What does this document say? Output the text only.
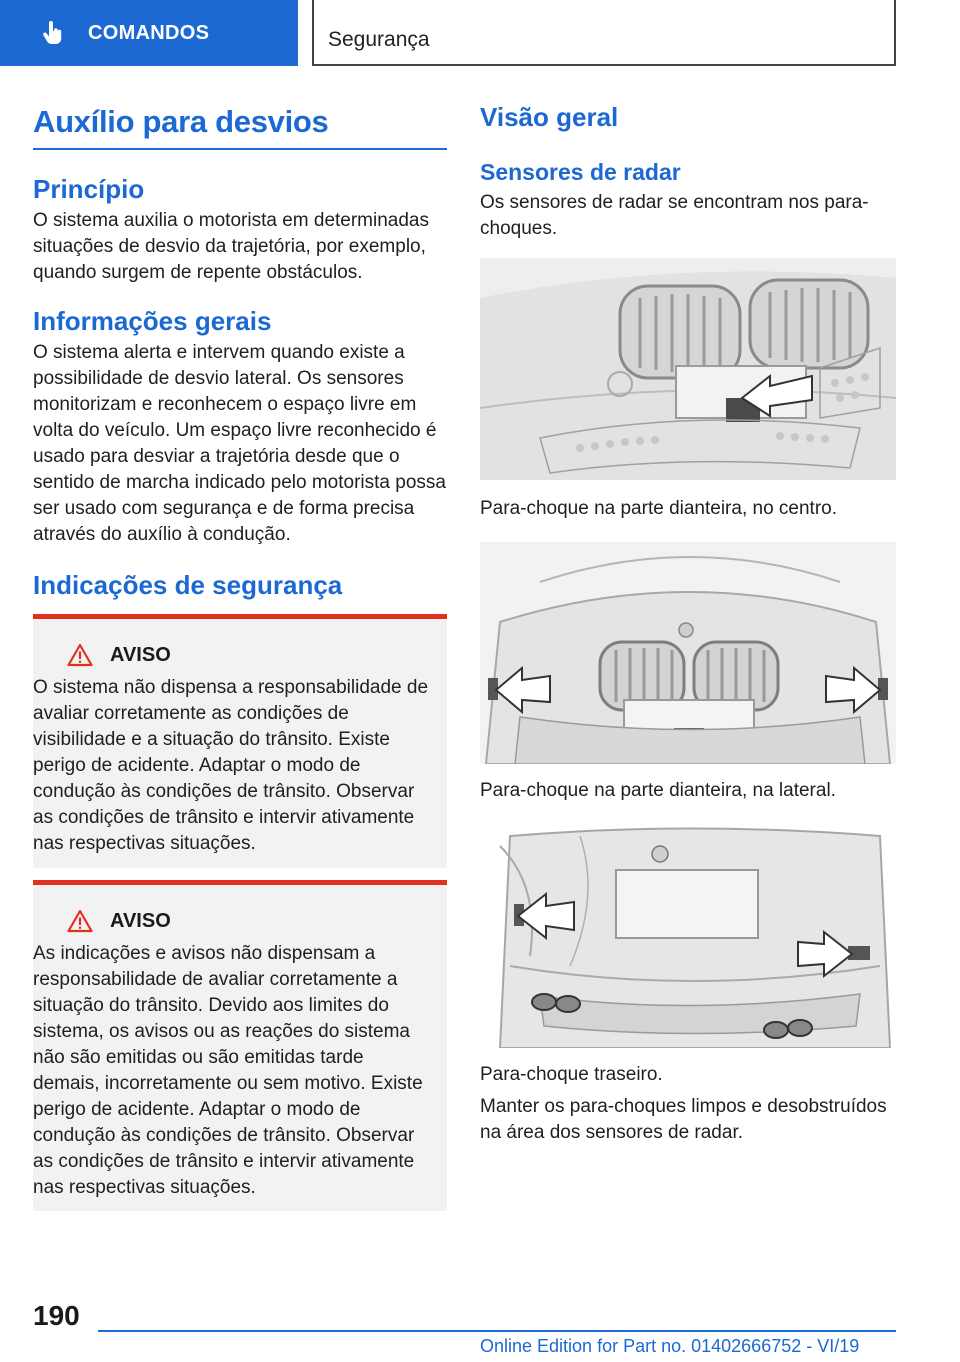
COMANDOS	Segurança
Auxílio para desvios
Princípio
O sistema auxilia o motorista em determinadas situações de desvio da trajetória, por exemplo, quando surgem de repente obstáculos.
Informações gerais
O sistema alerta e intervem quando existe a possibilidade de desvio lateral. Os sensores monitorizam e reconhecem o espaço livre em volta do veículo. Um espaço livre reconhecido é usado para desviar a trajetória desde que o sentido de marcha indicado pelo motorista possa ser usado com segurança e de forma precisa através do auxílio à condução.
Indicações de segurança
AVISO
O sistema não dispensa a responsabilidade de avaliar corretamente as condições de visibilidade e a situação do trânsito. Existe perigo de acidente. Adaptar o modo de condução às condições de trânsito. Observar as condições de trânsito e intervir ativamente nas respectivas situações.
AVISO
As indicações e avisos não dispensam a responsabilidade de avaliar corretamente a situação do trânsito. Devido aos limites do sistema, os avisos ou as reações do sistema não são emitidas ou são emitidas tarde demais, incorretamente ou sem motivo. Existe perigo de acidente. Adaptar o modo de condução às condições de trânsito. Observar as condições de trânsito e intervir ativamente nas respectivas situações.
Visão geral
Sensores de radar
Os sensores de radar se encontram nos para-choques.
Para-choque na parte dianteira, no centro.
Para-choque na parte dianteira, na lateral.
Para-choque traseiro.
Manter os para-choques limpos e desobstruídos na área dos sensores de radar.
190
Online Edition for Part no. 01402666752 - VI/19
